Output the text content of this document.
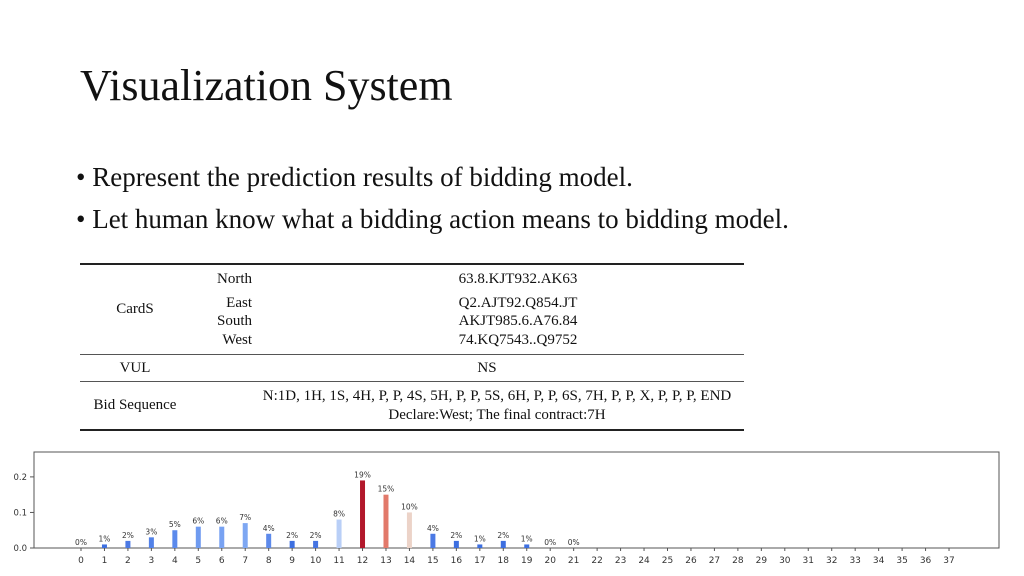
Visualization System
• Represent the prediction results of bidding model.
• Let human know what a bidding action means to bidding model.
CardS	North	63.8.KJT932.AK63
	East	Q2.AJT92.Q854.JT
	South	AKJT985.6.A76.84
	West	74.KQ7543..Q9752
VUL	NS	
Bid Sequence	N:1D, 1H, 1S, 4H, P, P, 4S, 5H, P, P, 5S, 6H, P, P, 6S, 7H, P, P, X, P, P, P, END
Declare:West; The final contract:7H	
0.0
0.1
0.2
0%
0
1%
1
2%
2
3%
3
5%
4
6%
5
6%
6
7%
7
4%
8
2%
9
2%
10
8%
11
19%
12
15%
13
10%
14
4%
15
2%
16
1%
17
2%
18
1%
19
0%
20
0%
21 22 23 24 25 26 27 28 29 30 31 32 33 34 35 36 37
